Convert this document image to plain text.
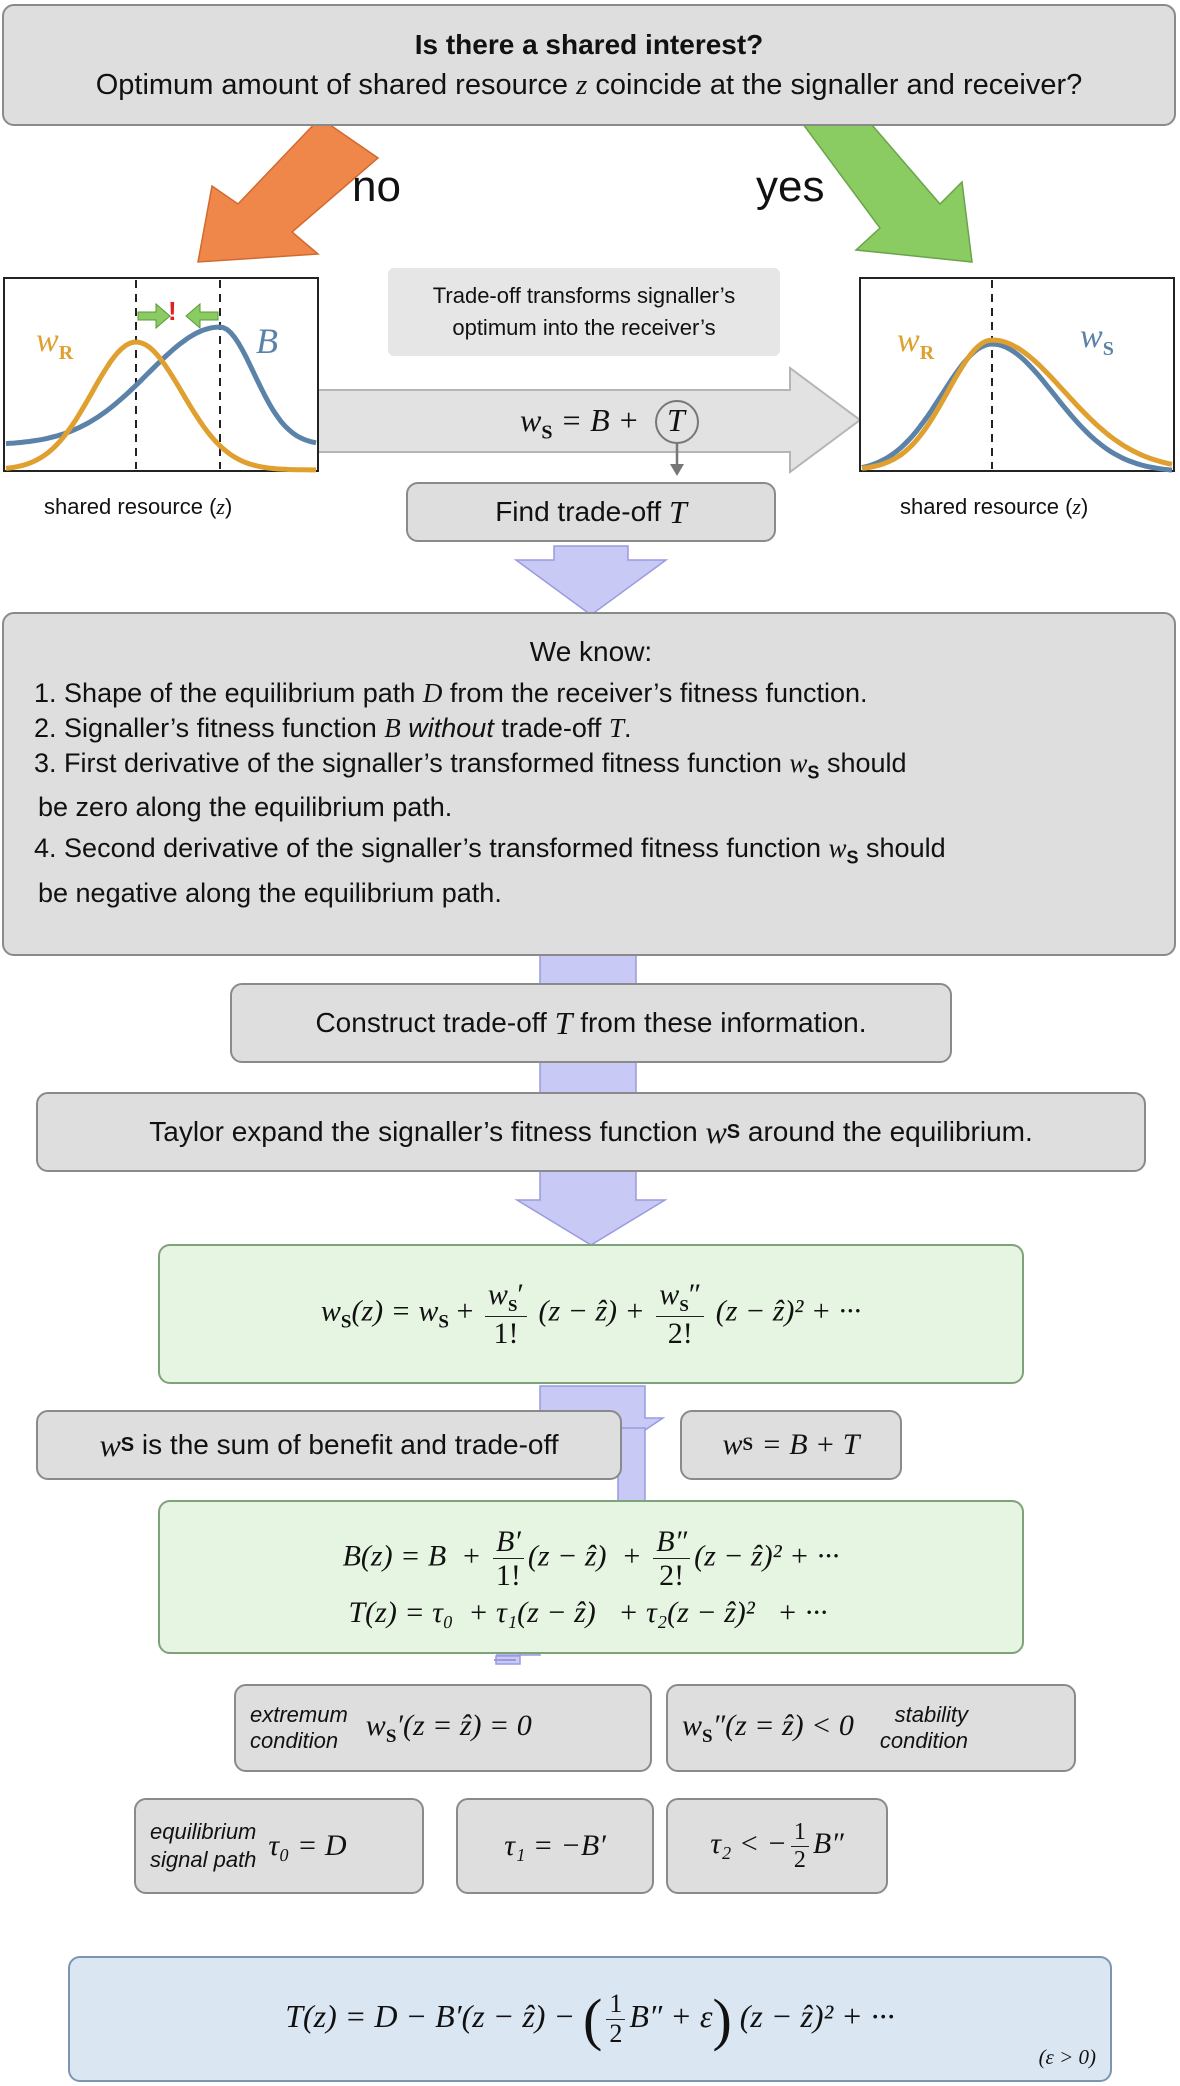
Is there a shared interest?
Optimum amount of shared resource z coincide at the signaller and receiver?
no	yes
$w_R$	B
!
shared resource (z)
$w_R$	$w_S$
shared resource (z)
Trade-off transforms signaller’s
optimum into the receiver’s
$w_S = B + T$
Find trade-off
T
We know:
1. Shape of the equilibrium path D from the receiver’s fitness function.
2. Signaller’s fitness function B without trade-off T.
3. First derivative of the signaller’s transformed fitness function $w_S$ should
be zero along the equilibrium path.
4. Second derivative of the signaller’s transformed fitness function $w_S$ should
be negative along the equilibrium path.
Construct trade-off
T
from these information.
Taylor expand the signaller’s fitness function
w S
around the equilibrium.
$w_S(z) = w_S + \frac{w_S'}{1!} (z$ − ẑ) + $\frac{w_S''}{2!} (z$ − ẑ)² + ···
w S
is the sum of benefit and trade-off	w S
= B + T
$B(z) = B + \frac{B'}{1!} (z$ − ẑ) + $\frac{B''}{2!} (z$ − ẑ)² + ···
T(z) = τ₀ + τ₁(z − ẑ) + τ₂(z − ẑ)² + ···
extremum
condition $w_S'(z$ = ẑ) = 0	$w_S''(z$ = ẑ) < 0	stability
condition
equilibrium
signal path τ₀ = D	τ₁ = −B′	τ₂ < − $\frac{1}{2} B''$
T(z) = D − B′(z − ẑ) − ( $\frac{1}{2} B'' + \varepsilon$) (z − ẑ)² + ···
(ε > 0)
